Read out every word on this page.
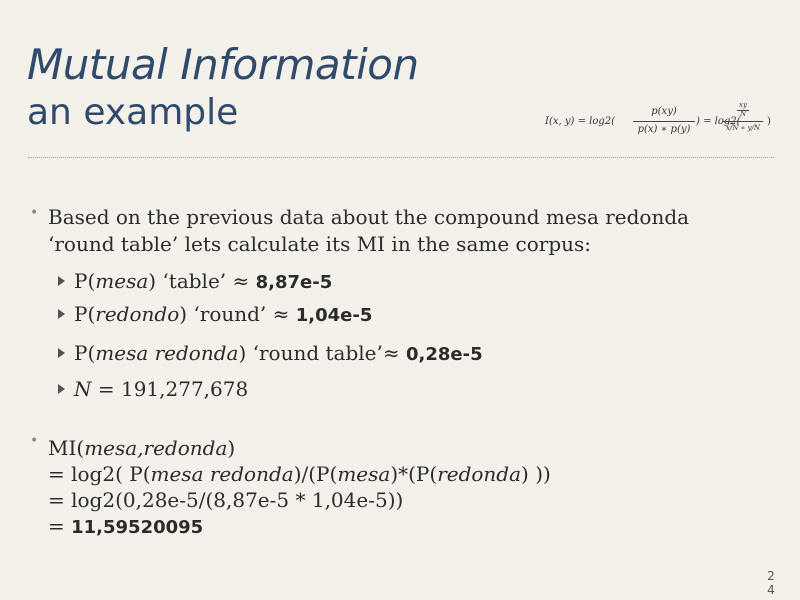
Mutual Information
an example	I(x, y) = log2(
p(xy)
p(x) ∗ p(y)
) = log2(
xy
N
x/N ∗ y/N
)
• Based on the previous data about the compound mesa redonda ‘round table’ lets calculate its MI in the same corpus:

P(mesa) ‘table’ ≈ 8,87e-5
P(redondo) ‘round’ ≈ 1,04e-5
P(mesa redonda) ‘round table’≈ 0,28e-5
N = 191,277,678
• MI(mesa,redonda)
= log2( P(mesa redonda)/(P(mesa)*(P(redonda) ))
= log2(0,28e-5/(8,87e-5 * 1,04e-5))
= 11,59520095
24
